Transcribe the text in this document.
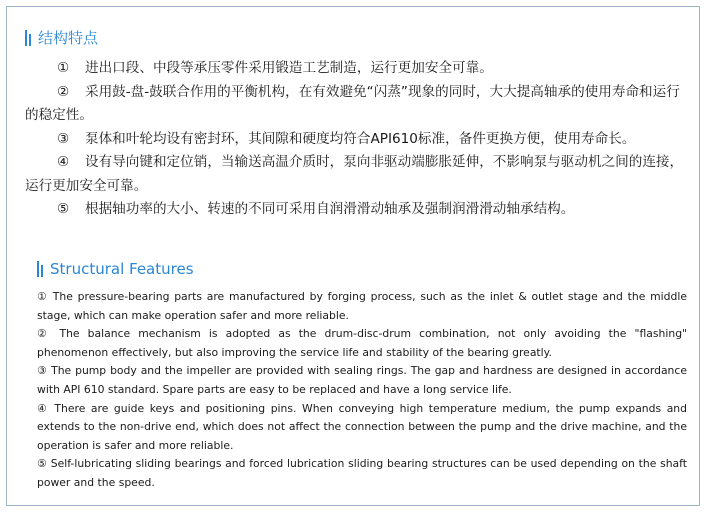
结构特点

① 进出口段、中段等承压零件采用锻造工艺制造，运行更加安全可靠。

② 采用鼓-盘-鼓联合作用的平衡机构，在有效避免“闪蒸”现象的同时，大大提高轴承的使用寿命和运行的稳定性。

③ 泵体和叶轮均设有密封环，其间隙和硬度均符合API610标准，备件更换方便，使用寿命长。

④ 设有导向键和定位销，当输送高温介质时，泵向非驱动端膨胀延伸，不影响泵与驱动机之间的连接，运行更加安全可靠。

⑤ 根据轴功率的大小、转速的不同可采用自润滑滑动轴承及强制润滑滑动轴承结构。

Structural Features

① The pressure-bearing parts are manufactured by forging process, such as the inlet & outlet stage and the middle stage, which can make operation safer and more reliable.

② The balance mechanism is adopted as the drum-disc-drum combination, not only avoiding the "flashing" phenomenon effectively, but also improving the service life and stability of the bearing greatly.

③ The pump body and the impeller are provided with sealing rings. The gap and hardness are designed in accordance with API 610 standard. Spare parts are easy to be replaced and have a long service life.

④ There are guide keys and positioning pins. When conveying high temperature medium, the pump expands and extends to the non-drive end, which does not affect the connection between the pump and the drive machine, and the operation is safer and more reliable.

⑤ Self-lubricating sliding bearings and forced lubrication sliding bearing structures can be used depending on the shaft power and the speed.
